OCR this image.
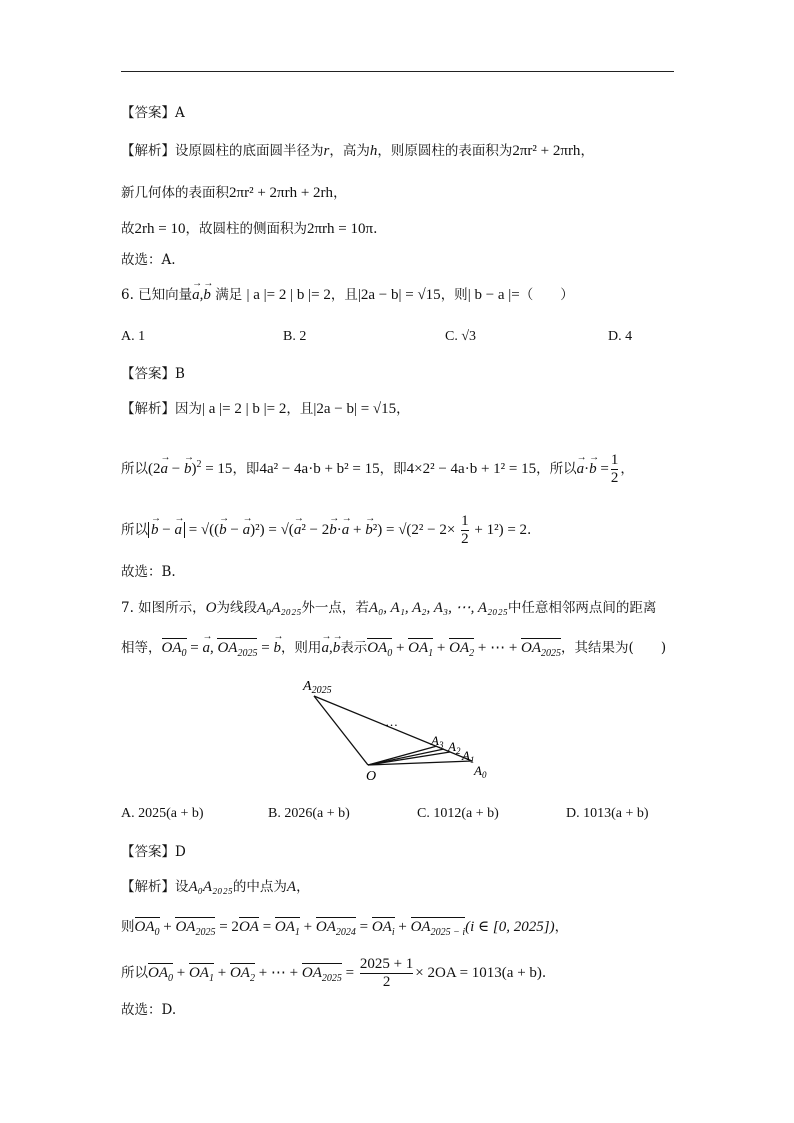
【答案】A
【解析】设原圆柱的底面圆半径为r，高为h，则原圆柱的表面积为2πr² + 2πrh，
新几何体的表面积2πr² + 2πrh + 2rh，
故2rh = 10，故圆柱的侧面积为2πrh = 10π.
故选：A.
6. 已知向量→ a,→ b 满足 | a |= 2 | b |= 2，且|2a − b| = √15，则| b − a |=（　　）
A. 1	B. 2	C. √3	D. 4
【答案】B
【解析】因为| a |= 2 | b |= 2，且|2a − b| = √15，
所以(2→ a − → b)$^2$ = 15，即4a² − 4a·b + b² = 15，即4×2² − 4a·b + 1² = 15，所以→ $a\cdot\to b = \frac{1}{2}$ ，
所以→ b − → a = √((→ b − → a)²) = √(→ a² − 2→ b·→ a + → $b^2) = √(2^2 - 2\times \frac{1}{2} + 1^2) = 2$.
故选：B.
7. 如图所示，O为线段A₀A₂₀₂₅外一点，若A₀, A₁, A₂, A₃, ⋯, A₂₀₂₅中任意相邻两点间的距离
相等，$OA_0$ = → a, $OA_{2025}$ = → b，则用→ a,→ b表示$OA_0 + OA_1 + OA_2$ + ⋯ + $OA_{2025}$，其结果为(　　)
$A_{2025}$
…
$A_3$ $A_2$ $A_1$
$A_0$
O
A. 2025(a + b)	B. 2026(a + b)	C. 1012(a + b)	D. 1013(a + b)
【答案】D
【解析】设A₀A₂₀₂₅的中点为A，
则$OA_0 + OA_{2025} = 2OA = OA_1 + OA_{2024} = OA_i + OA_{2025 - i}(i$ ∈ [0, 2025])，
所以$OA_0 + OA_1 + OA_2$ + ⋯ + $OA_{2025} = \frac{2025 + 1}{2} \times 2OA = 1013(a + b)$.
故选：D.
